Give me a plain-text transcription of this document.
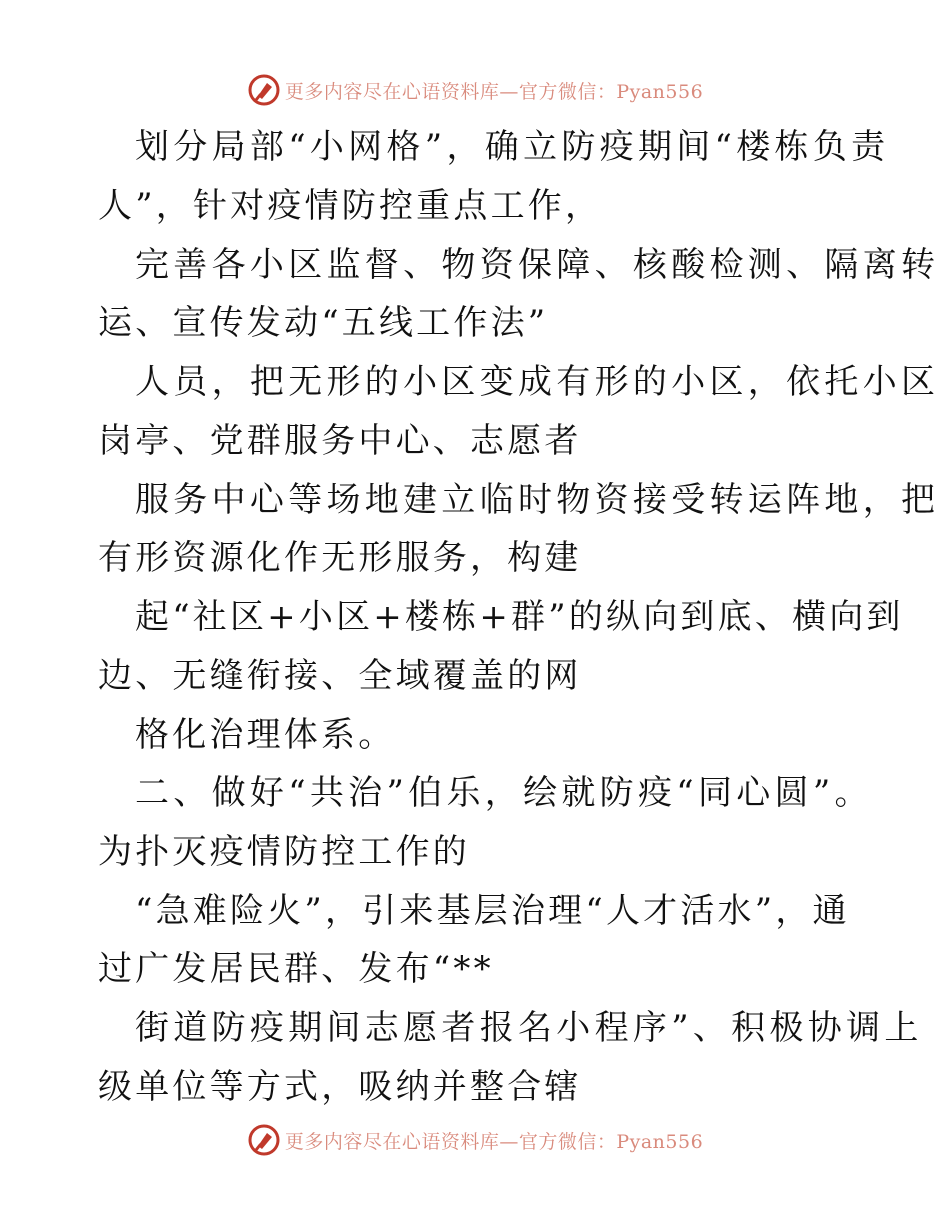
更多内容尽在心语资料库—官方微信：Pyan556
划分局部“小网格”，确立防疫期间“楼栋负责
人”，针对疫情防控重点工作，
完善各小区监督、物资保障、核酸检测、隔离转
运、宣传发动“五线工作法”
人员，把无形的小区变成有形的小区，依托小区
岗亭、党群服务中心、志愿者
服务中心等场地建立临时物资接受转运阵地，把
有形资源化作无形服务，构建
起“社区+小区+楼栋+群”的纵向到底、横向到
边、无缝衔接、全域覆盖的网
格化治理体系。
二、做好“共治”伯乐，绘就防疫“同心圆”。
为扑灭疫情防控工作的
“急难险火”，引来基层治理“人才活水”，通
过广发居民群、发布“**
街道防疫期间志愿者报名小程序”、积极协调上
级单位等方式，吸纳并整合辖
更多内容尽在心语资料库—官方微信：Pyan556
